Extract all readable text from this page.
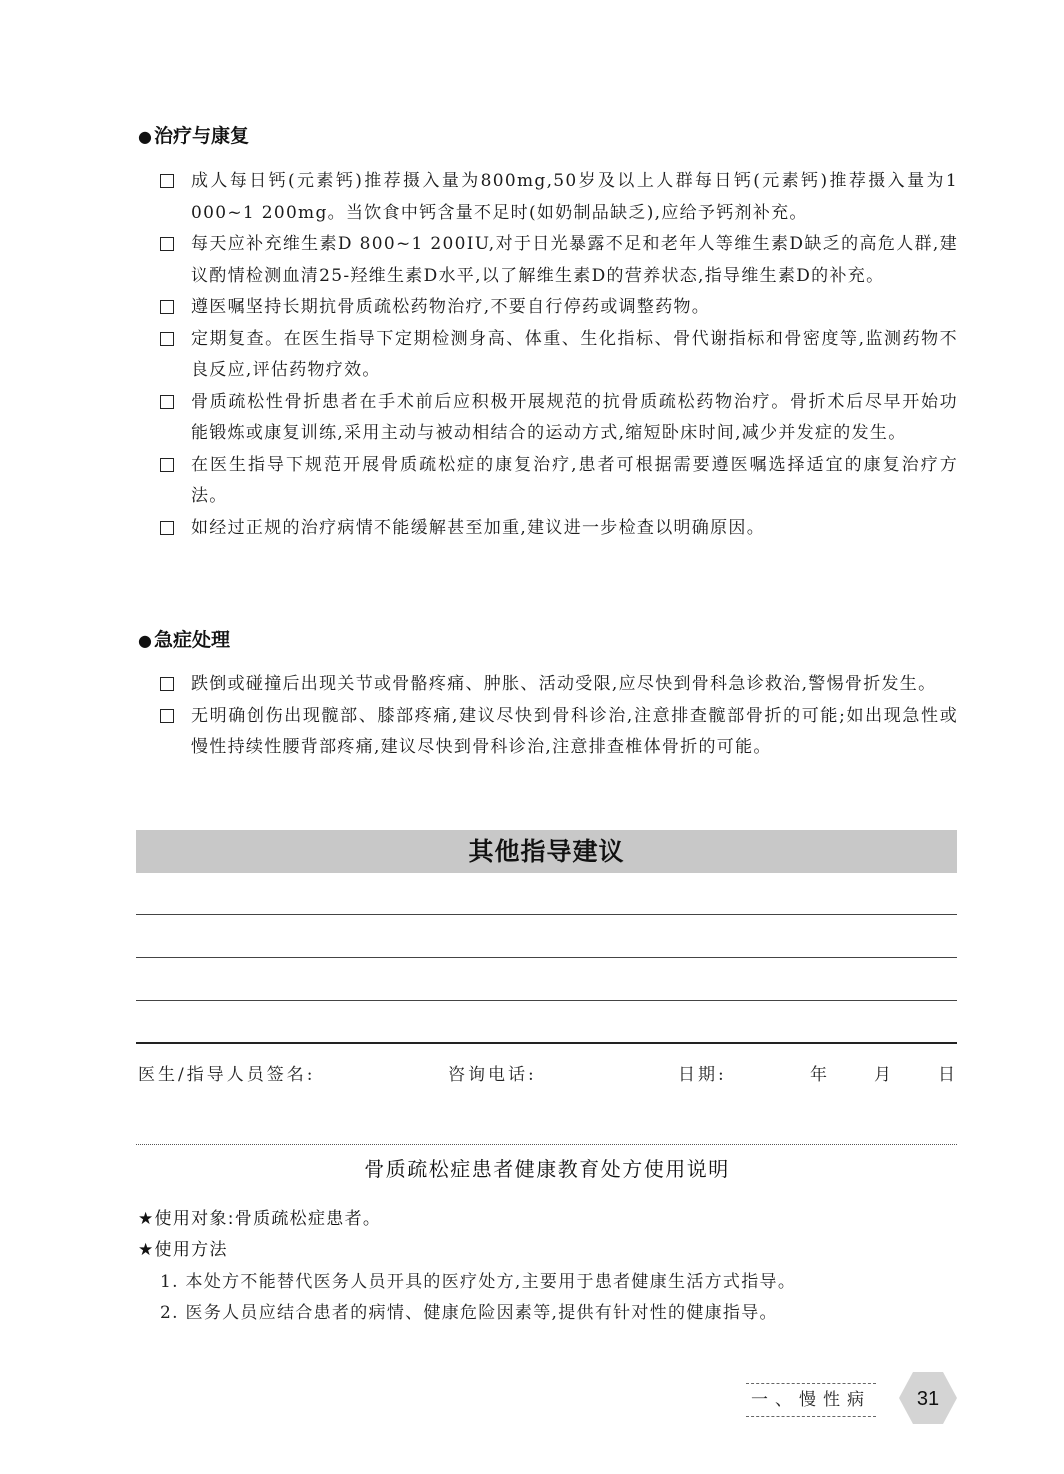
● 治疗与康复
成人每日钙(元素钙)推荐摄入量为800mg,50岁及以上人群每日钙(元素钙)推荐摄入量为1 000~1 200mg。当饮食中钙含量不足时(如奶制品缺乏),应给予钙剂补充。
每天应补充维生素D 800~1 200IU,对于日光暴露不足和老年人等维生素D缺乏的高危人群,建议酌情检测血清25-羟维生素D水平,以了解维生素D的营养状态,指导维生素D的补充。
遵医嘱坚持长期抗骨质疏松药物治疗,不要自行停药或调整药物。
定期复查。在医生指导下定期检测身高、体重、生化指标、骨代谢指标和骨密度等,监测药物不良反应,评估药物疗效。
骨质疏松性骨折患者在手术前后应积极开展规范的抗骨质疏松药物治疗。骨折术后尽早开始功能锻炼或康复训练,采用主动与被动相结合的运动方式,缩短卧床时间,减少并发症的发生。
在医生指导下规范开展骨质疏松症的康复治疗,患者可根据需要遵医嘱选择适宜的康复治疗方法。
如经过正规的治疗病情不能缓解甚至加重,建议进一步检查以明确原因。
● 急症处理
跌倒或碰撞后出现关节或骨骼疼痛、肿胀、活动受限,应尽快到骨科急诊救治,警惕骨折发生。
无明确创伤出现髋部、膝部疼痛,建议尽快到骨科诊治,注意排查髋部骨折的可能;如出现急性或慢性持续性腰背部疼痛,建议尽快到骨科诊治,注意排查椎体骨折的可能。
其他指导建议
医生/指导人员签名:	咨询电话:	日期:	年	月	日
骨质疏松症患者健康教育处方使用说明
★使用对象:骨质疏松症患者。
★使用方法
1. 本处方不能替代医务人员开具的医疗处方,主要用于患者健康生活方式指导。
2. 医务人员应结合患者的病情、健康危险因素等,提供有针对性的健康指导。
一、慢性病 31
